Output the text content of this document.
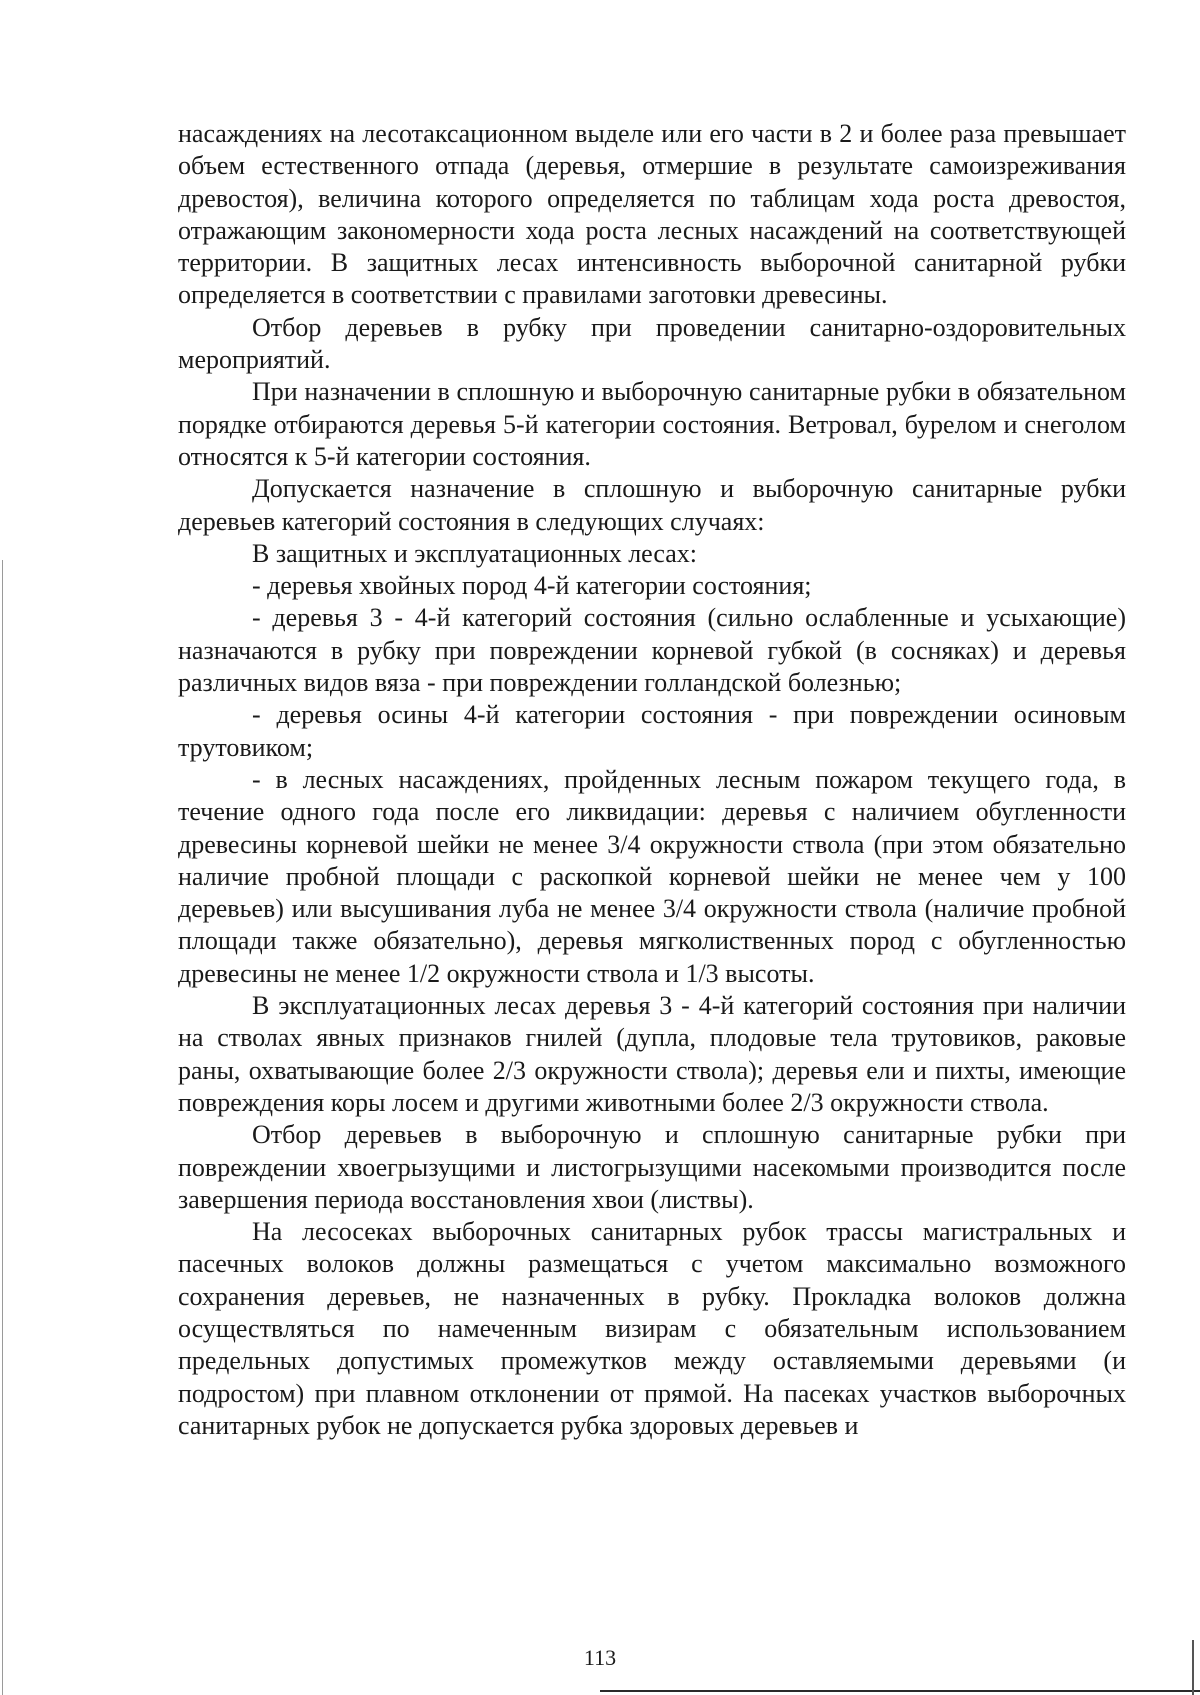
насаждениях на лесотаксационном выделе или его части в 2 и более раза превышает объем естественного отпада (деревья, отмершие в результате самоизреживания древостоя), величина которого определяется по таблицам хода роста древостоя, отражающим закономерности хода роста лесных насаждений на соответствующей территории. В защитных лесах интенсивность выборочной санитарной рубки определяется в соответствии с правилами заготовки древесины.

Отбор деревьев в рубку при проведении санитарно-оздоровительных мероприятий.

При назначении в сплошную и выборочную санитарные рубки в обязательном порядке отбираются деревья 5-й категории состояния. Ветровал, бурелом и снеголом относятся к 5-й категории состояния.

Допускается назначение в сплошную и выборочную санитарные рубки деревьев категорий состояния в следующих случаях:

В защитных и эксплуатационных лесах:

- деревья хвойных пород 4-й категории состояния;

- деревья 3 - 4-й категорий состояния (сильно ослабленные и усыхающие) назначаются в рубку при повреждении корневой губкой (в сосняках) и деревья различных видов вяза - при повреждении голландской болезнью;

- деревья осины 4-й категории состояния - при повреждении осиновым трутовиком;

- в лесных насаждениях, пройденных лесным пожаром текущего года, в течение одного года после его ликвидации: деревья с наличием обугленности древесины корневой шейки не менее 3/4 окружности ствола (при этом обязательно наличие пробной площади с раскопкой корневой шейки не менее чем у 100 деревьев) или высушивания луба не менее 3/4 окружности ствола (наличие пробной площади также обязательно), деревья мягколиственных пород с обугленностью древесины не менее 1/2 окружности ствола и 1/3 высоты.

В эксплуатационных лесах деревья 3 - 4-й категорий состояния при наличии на стволах явных признаков гнилей (дупла, плодовые тела трутовиков, раковые раны, охватывающие более 2/3 окружности ствола); деревья ели и пихты, имеющие повреждения коры лосем и другими животными более 2/3 окружности ствола.

Отбор деревьев в выборочную и сплошную санитарные рубки при повреждении хвоегрызущими и листогрызущими насекомыми производится после завершения периода восстановления хвои (листвы).

На лесосеках выборочных санитарных рубок трассы магистральных и пасечных волоков должны размещаться с учетом максимально возможного сохранения деревьев, не назначенных в рубку. Прокладка волоков должна осуществляться по намеченным визирам с обязательным использованием предельных допустимых промежутков между оставляемыми деревьями (и подростом) при плавном отклонении от прямой. На пасеках участков выборочных санитарных рубок не допускается рубка здоровых деревьев и

113
